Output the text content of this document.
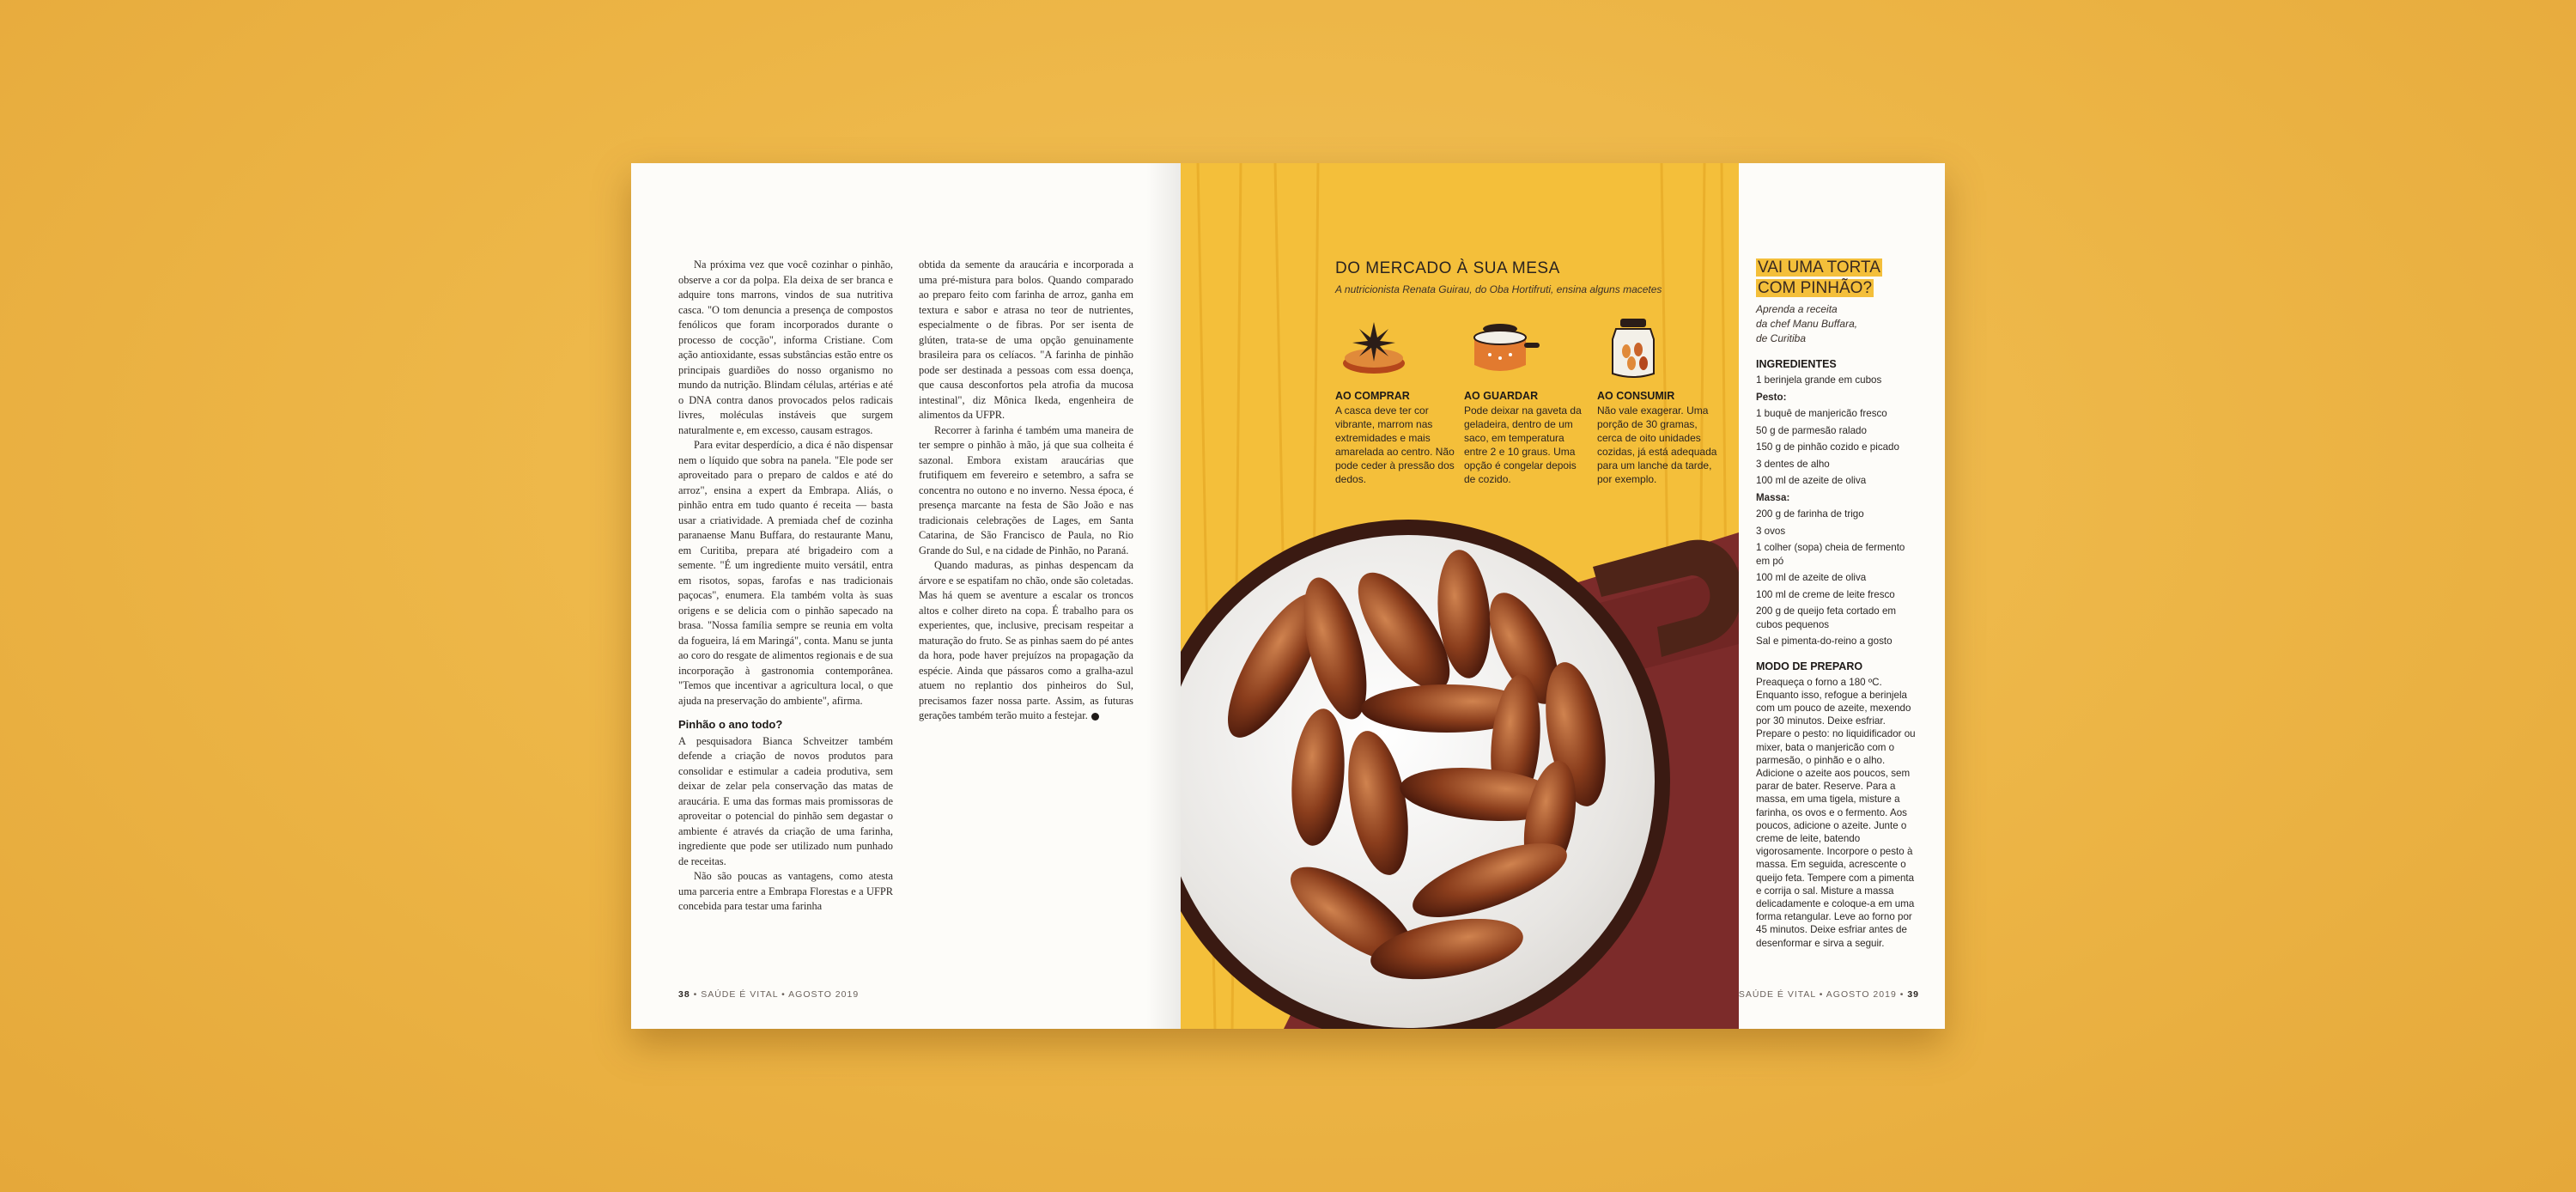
Na próxima vez que você cozinhar o pinhão, observe a cor da polpa. Ela deixa de ser branca e adquire tons marrons, vindos de sua nutritiva casca. "O tom denuncia a presença de compostos fenólicos que foram incorporados durante o processo de cocção", informa Cristiane. Com ação antioxidante, essas substâncias estão entre os principais guardiões do nosso organismo no mundo da nutrição. Blindam células, artérias e até o DNA contra danos provocados pelos radicais livres, moléculas instáveis que surgem naturalmente e, em excesso, causam estragos.

Para evitar desperdício, a dica é não dispensar nem o líquido que sobra na panela. "Ele pode ser aproveitado para o preparo de caldos e até do arroz", ensina a expert da Embrapa. Aliás, o pinhão entra em tudo quanto é receita — basta usar a criatividade. A premiada chef de cozinha paranaense Manu Buffara, do restaurante Manu, em Curitiba, prepara até brigadeiro com a semente. "É um ingrediente muito versátil, entra em risotos, sopas, farofas e nas tradicionais paçocas", enumera. Ela também volta às suas origens e se delicia com o pinhão sapecado na brasa. "Nossa família sempre se reunia em volta da fogueira, lá em Maringá", conta. Manu se junta ao coro do resgate de alimentos regionais e de sua incorporação à gastronomia contemporânea. "Temos que incentivar a agricultura local, o que ajuda na preservação do ambiente", afirma.

Pinhão o ano todo?

A pesquisadora Bianca Schveitzer também defende a criação de novos produtos para consolidar e estimular a cadeia produtiva, sem deixar de zelar pela conservação das matas de araucária. E uma das formas mais promissoras de aproveitar o potencial do pinhão sem degastar o ambiente é através da criação de uma farinha, ingrediente que pode ser utilizado num punhado de receitas.

Não são poucas as vantagens, como atesta uma parceria entre a Embrapa Florestas e a UFPR concebida para testar uma farinha

obtida da semente da araucária e incorporada a uma pré-mistura para bolos. Quando comparado ao preparo feito com farinha de arroz, ganha em textura e sabor e atrasa no teor de nutrientes, especialmente o de fibras. Por ser isenta de glúten, trata-se de uma opção genuinamente brasileira para os celíacos. "A farinha de pinhão pode ser destinada a pessoas com essa doença, que causa desconfortos pela atrofia da mucosa intestinal", diz Mônica Ikeda, engenheira de alimentos da UFPR.

Recorrer à farinha é também uma maneira de ter sempre o pinhão à mão, já que sua colheita é sazonal. Embora existam araucárias que frutifiquem em fevereiro e setembro, a safra se concentra no outono e no inverno. Nessa época, é presença marcante na festa de São João e nas tradicionais celebrações de Lages, em Santa Catarina, de São Francisco de Paula, no Rio Grande do Sul, e na cidade de Pinhão, no Paraná.

Quando maduras, as pinhas despencam da árvore e se espatifam no chão, onde são coletadas. Mas há quem se aventure a escalar os troncos altos e colher direto na copa. É trabalho para os experientes, que, inclusive, precisam respeitar a maturação do fruto. Se as pinhas saem do pé antes da hora, pode haver prejuízos na propagação da espécie. Ainda que pássaros como a gralha-azul atuem no replantio dos pinheiros do Sul, precisamos fazer nossa parte. Assim, as futuras gerações também terão muito a festejar.

38 • SAÚDE É VITAL • AGOSTO 2019
DO MERCADO À SUA MESA
A nutricionista Renata Guirau, do Oba Hortifruti, ensina alguns macetes
AO COMPRAR

A casca deve ter cor vibrante, marrom nas extremidades e mais amarelada ao centro. Não pode ceder à pressão dos dedos.

AO GUARDAR

Pode deixar na gaveta da geladeira, dentro de um saco, em temperatura entre 2 e 10 graus. Uma opção é congelar depois de cozido.

AO CONSUMIR

Não vale exagerar. Uma porção de 30 gramas, cerca de oito unidades cozidas, já está adequada para um lanche da tarde, por exemplo.

VAI UMA TORTA
COM PINHÃO?
Aprenda a receita
da chef Manu Buffara,
de Curitiba
INGREDIENTES
1 berinjela grande em cubos
Pesto:
1 buquê de manjericão fresco
50 g de parmesão ralado
150 g de pinhão cozido e picado
3 dentes de alho
100 ml de azeite de oliva
Massa:
200 g de farinha de trigo
3 ovos
1 colher (sopa) cheia de fermento em pó
100 ml de azeite de oliva
100 ml de creme de leite fresco
200 g de queijo feta cortado em cubos pequenos
Sal e pimenta-do-reino a gosto
MODO DE PREPARO

Preaqueça o forno a 180 ºC. Enquanto isso, refogue a berinjela com um pouco de azeite, mexendo por 30 minutos. Deixe esfriar. Prepare o pesto: no liquidificador ou mixer, bata o manjericão com o parmesão, o pinhão e o alho. Adicione o azeite aos poucos, sem parar de bater. Reserve. Para a massa, em uma tigela, misture a farinha, os ovos e o fermento. Aos poucos, adicione o azeite. Junte o creme de leite, batendo vigorosamente. Incorpore o pesto à massa. Em seguida, acrescente o queijo feta. Tempere com a pimenta e corrija o sal. Misture a massa delicadamente e coloque-a em uma forma retangular. Leve ao forno por 45 minutos. Deixe esfriar antes de desenformar e sirva a seguir.

SAÚDE É VITAL • AGOSTO 2019 • 39
